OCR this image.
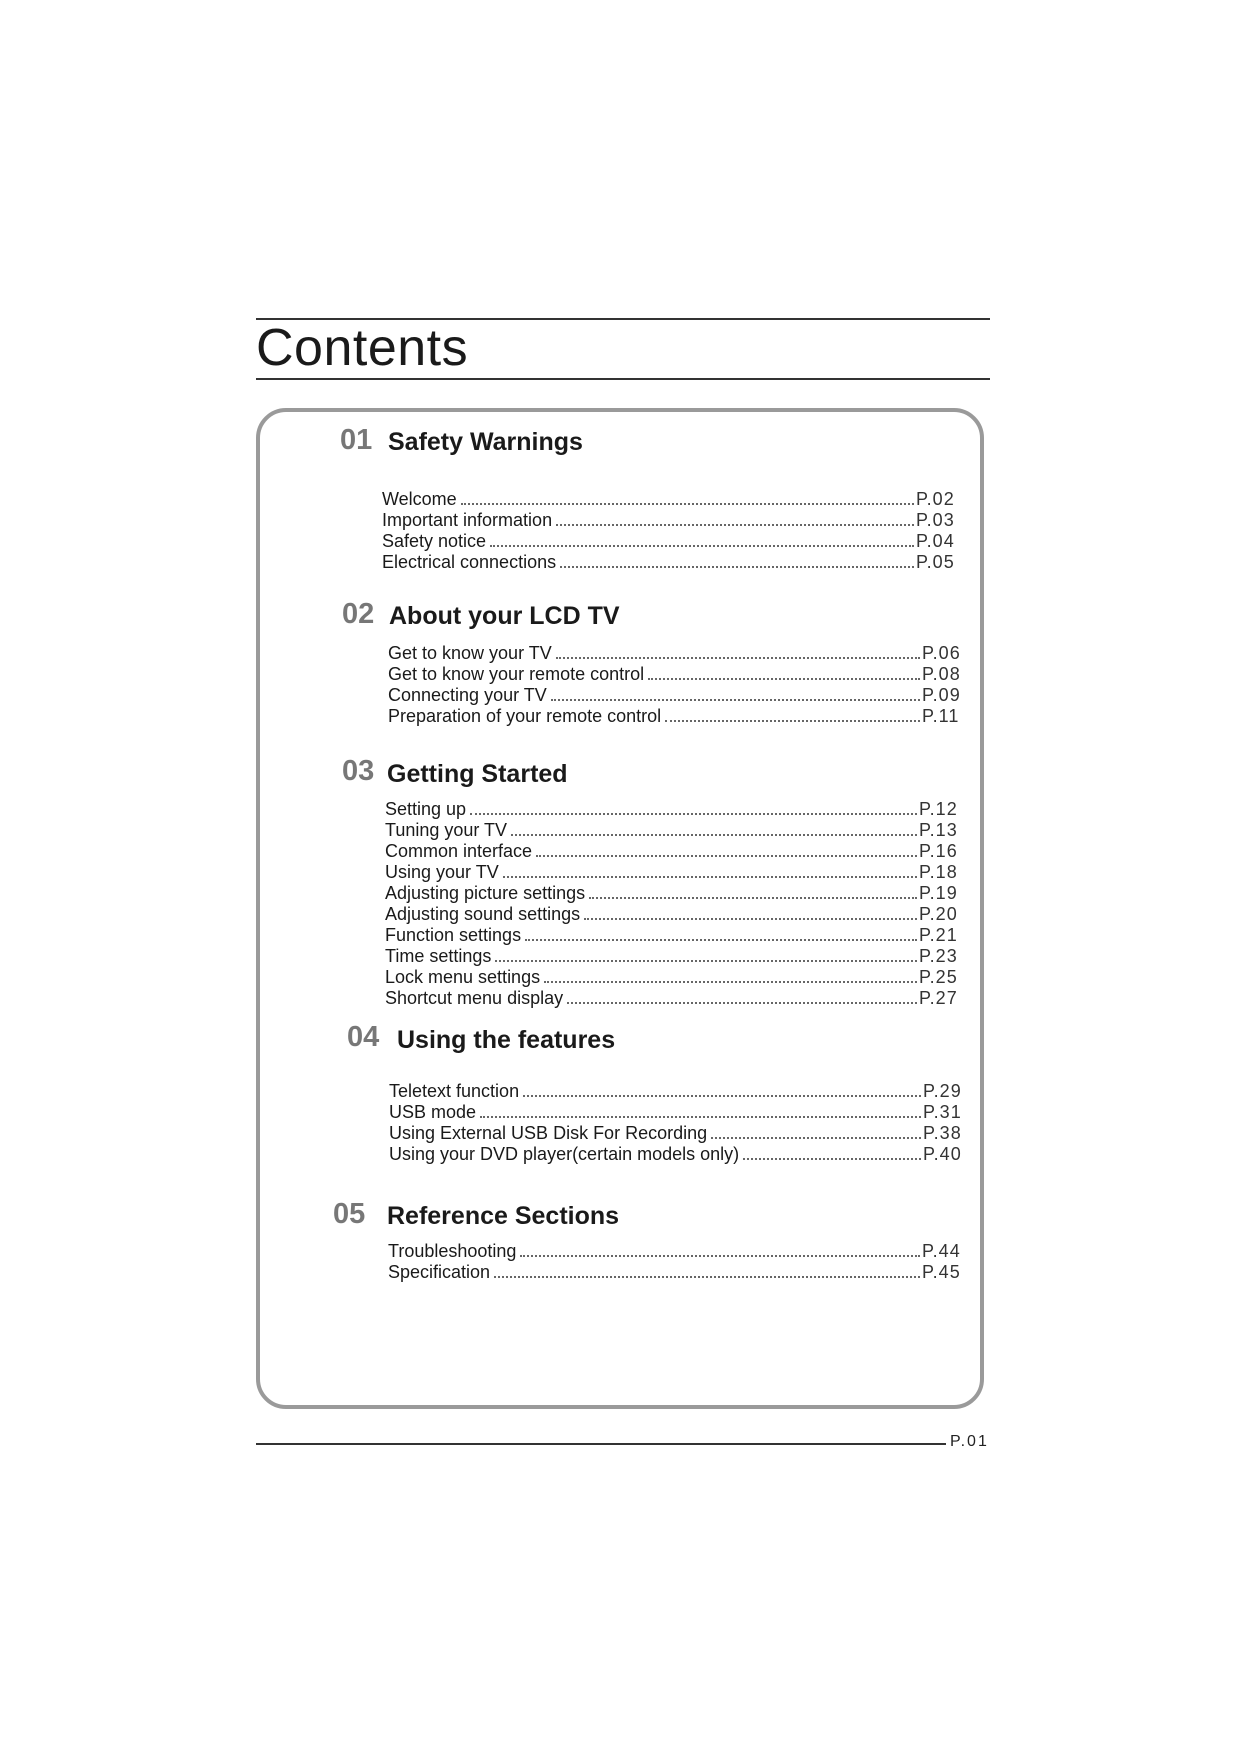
Contents
01 Safety Warnings
Welcome	P.02
Important information	P.03
Safety notice	P.04
Electrical connections	P.05
02 About your LCD TV
Get to know your TV	P.06
Get to know your remote control	P.08
Connecting your TV	P.09
Preparation of your remote control	P.11
03 Getting Started
Setting up	P.12
Tuning your TV	P.13
Common interface	P.16
Using your TV	P.18
Adjusting picture settings	P.19
Adjusting sound settings	P.20
Function settings	P.21
Time settings	P.23
Lock menu settings	P.25
Shortcut menu display	P.27
04 Using the features
Teletext function	P.29
USB mode	P.31
Using External USB Disk For Recording	P.38
Using your DVD player(certain models only)	P.40
05 Reference Sections
Troubleshooting	P.44
Specification	P.45
P.01
